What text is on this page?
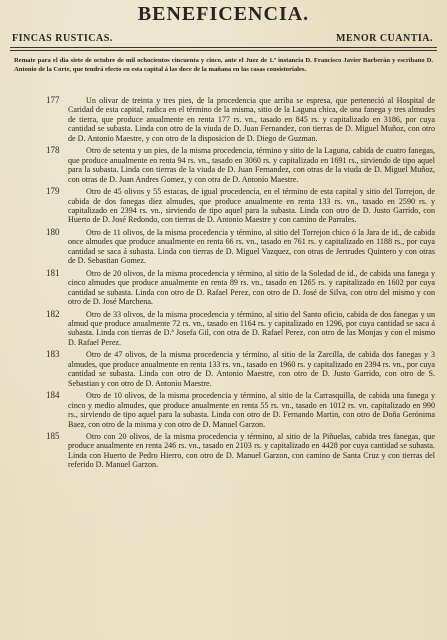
BENEFICENCIA.
FINCAS RUSTICAS.	MENOR CUANTIA.
Remate para el dia siete de octubre de mil ochocientos cincuenta y cinco, ante el Juez de 1.ª instancia D. Francisco Javier Barberán y escribano D. Antonio de la Corte, que tendrá efecto en esta capital á las doce de la mañana en las casas consistoriales.
177	Un olivar de treinta y tres pies, de la procedencia que arriba se espresa, que perteneció al Hospital de Caridad de esta capital, radica en el término de la misma, sitio de la Laguna chica, de una fanega y tres almudes de tierra, que produce anualmente en renta 177 rs. vn., tasado en 845 rs. y capitalizado en 3186, por cuya cantidad se subasta. Linda con otro de la viuda de D. Juan Fernandez, con tierras de D. Miguel Muñoz, con otro de D. Antonio Maestre, y con otro de la disposicion de D. Diego de Guzman.
178	Otro de setenta y un pies, de la misma procedencia, término y sitio de la Laguna, cabida de cuatro fanegas, que produce anualmente en renta 94 rs. vn., tasado en 3060 rs. y capitalizado en 1691 rs., sirviendo de tipo aquel para la subasta. Linda con tierras de la viuda de D. Juan Fernandez, con otras de la viuda de D. Miguel Muñoz, con otras de D. Juan Andres Gomez, y con otra de D. Antonio Maestre.
179	Otro de 45 olivos y 55 estacas, de igual procedencia, en el término de esta capital y sitio del Torrejon, de cabida de dos fanegas diez almudes, que produce anualmente en renta 133 rs. vn., tasado en 2590 rs. y capitalizado en 2394 rs. vn., sirviendo de tipo aquel para la subasta. Linda con otro de D. Justo Garrido, con Huerto de D. José Redondo, con tierras de D. Antonio Maestre y con camino de Parrales.
180	Otro de 11 olivos, de la misma procedencia y término, al sitio del Torrejon chico ó la Jara de id., de cabida once almudes que produce anualmente en renta 66 rs. vn., tasado en 761 rs. y capitalizado en 1188 rs., por cuya cantidad se saca á subasta. Linda con tierras de D. Miguel Vazquez, con otras de Jertrudes Quintero y con otras de D. Sebastian Gomez.
181	Otro de 20 olivos, de la misma procedencia y término, al sitio de la Soledad de id., de cabida una fanega y cinco almudes que produce anualmente en renta 89 rs. vn., tasado en 1265 rs. y capitalizado en 1602 por cuya cantidad se subasta. Linda con otro de D. Rafael Perez, con otro de D. José de Silva, con otro del mismo y con otro de D. José Marchena.
182	Otro de 33 olivos, de la misma procedencia y término, al sitio del Santo oficio, cabida de dos fanegas y un almud que produce anualmente 72 rs. vn., tasado en 1164 rs. y capitalizado en 1296, por cuya cantidad se saca á subasta. Linda con tierras de D.ª Josefa Gil, con otra de D. Rafael Perez, con otro de las Monjas y con el mismo D. Rafael Perez.
183	Otro de 47 olivos, de la misma procedencia y término, al sitio de la Zarcilla, de cabida dos fanegas y 3 almudes, que produce anualmente en renta 133 rs. vn., tasado en 1960 rs. y capitalizado en 2394 rs. vn., por cuya cantidad se subasta. Linda con otro de D. Antonio Maestre, con otro de D. Justo Garrido, con otro de S. Sebastian y con otro de D. Antonio Maestre.
184	Otro de 10 olivos, de la misma procedencia y término, al sitio de la Carrasquilla, de cabida una fanega y cinco y medio almudes, que produce anualmente en renta 55 rs. vn., tasado en 1012 rs. vn. capitalizado en 990 rs., sirviendo de tipo aquel para la subasta. Linda con otro de D. Fernando Martin, con otro de Doña Gerónima Baez, con otro de la misma y con otro de D. Manuel Garzon.
185	Otro con 20 olivos, de la misma procedencia y término, al sitio de la Piñuelas, cabida tres fanegas, que produce anualmente en renta 246 rs. vn., tasado en 2103 rs. y capitalizado en 4428 por cuya cantidad se subasta. Linda con Huerto de Pedro Hierro, con otro de D. Manuel Garzon, con camino de Santa Cruz y con tierras del referido D. Manuel Garzon.
